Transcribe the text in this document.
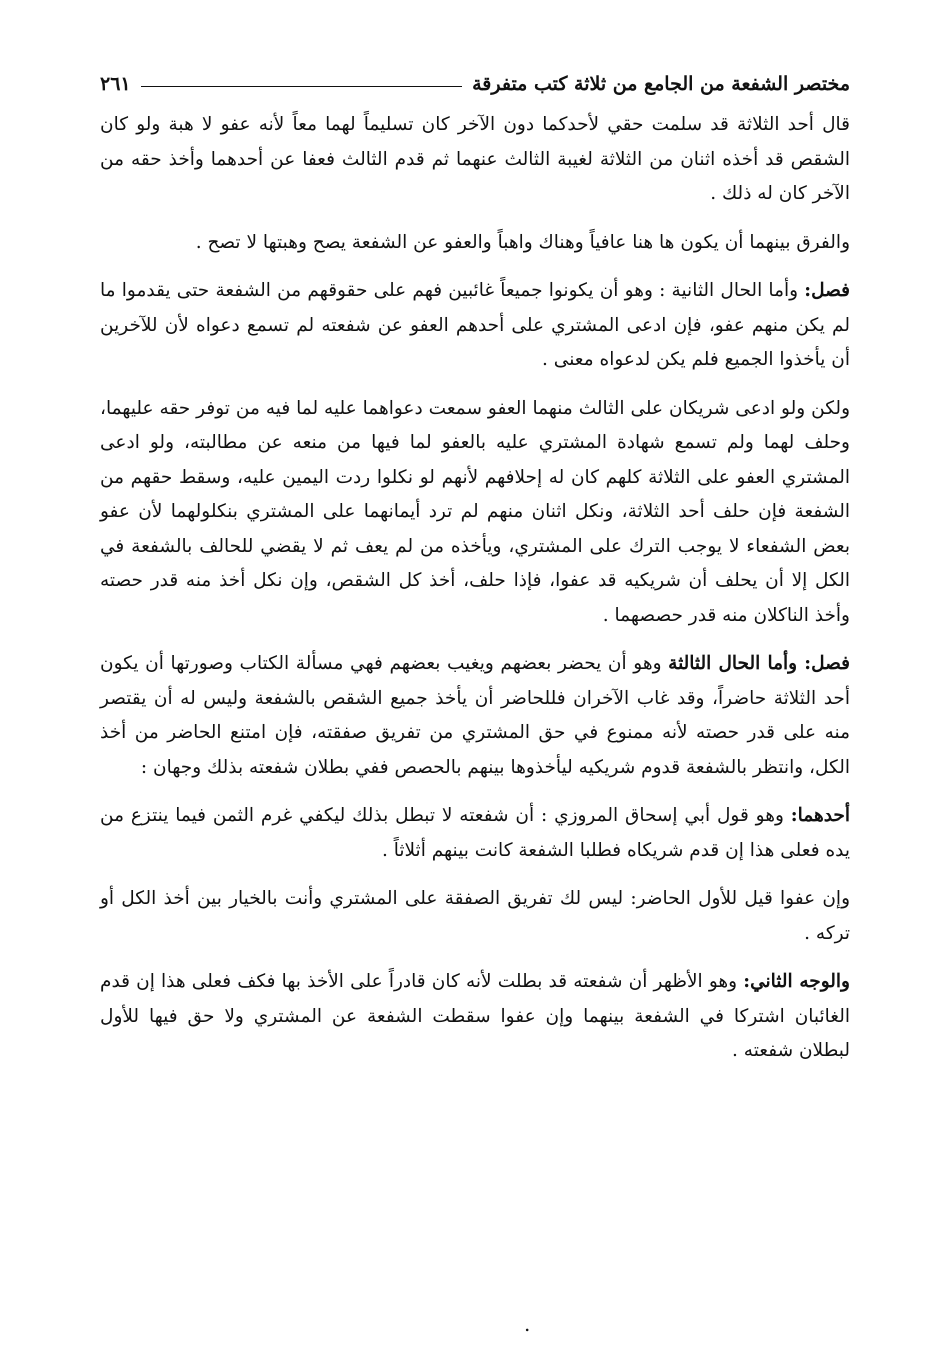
مختصر الشفعة من الجامع من ثلاثة كتب متفرقة
٢٦١

قال أحد الثلاثة قد سلمت حقي لأحدكما دون الآخر كان تسليماً لهما معاً لأنه عفو لا هبة ولو كان الشقص قد أخذه اثنان من الثلاثة لغيبة الثالث عنهما ثم قدم الثالث فعفا عن أحدهما وأخذ حقه من الآخر كان له ذلك .

والفرق بينهما أن يكون ها هنا عافياً وهناك واهباً والعفو عن الشفعة يصح وهبتها لا تصح .

فصل: وأما الحال الثانية : وهو أن يكونوا جميعاً غائبين فهم على حقوقهم من الشفعة حتى يقدموا ما لم يكن منهم عفو، فإن ادعى المشتري على أحدهم العفو عن شفعته لم تسمع دعواه لأن للآخرين أن يأخذوا الجميع فلم يكن لدعواه معنى .

ولكن ولو ادعى شريكان على الثالث منهما العفو سمعت دعواهما عليه لما فيه من توفر حقه عليهما، وحلف لهما ولم تسمع شهادة المشتري عليه بالعفو لما فيها من منعه عن مطالبته، ولو ادعى المشتري العفو على الثلاثة كلهم كان له إحلافهم لأنهم لو نكلوا ردت اليمين عليه، وسقط حقهم من الشفعة فإن حلف أحد الثلاثة، ونكل اثنان منهم لم ترد أيمانهما على المشتري بنكلولهما لأن عفو بعض الشفعاء لا يوجب الترك على المشتري، ويأخذه من لم يعف ثم لا يقضي للحالف بالشفعة في الكل إلا أن يحلف أن شريكيه قد عفوا، فإذا حلف، أخذ كل الشقص، وإن نكل أخذ منه قدر حصته وأخذ الناكلان منه قدر حصصهما .

فصل: وأما الحال الثالثة وهو أن يحضر بعضهم ويغيب بعضهم فهي مسألة الكتاب وصورتها أن يكون أحد الثلاثة حاضراً، وقد غاب الآخران فللحاضر أن يأخذ جميع الشقص بالشفعة وليس له أن يقتصر منه على قدر حصته لأنه ممنوع في حق المشتري من تفريق صفقته، فإن امتنع الحاضر من أخذ الكل، وانتظر بالشفعة قدوم شريكيه ليأخذوها بينهم بالحصص ففي بطلان شفعته بذلك وجهان :

أحدهما: وهو قول أبي إسحاق المروزي : أن شفعته لا تبطل بذلك ليكفي غرم الثمن فيما ينتزع من يده فعلى هذا إن قدم شريكاه فطلبا الشفعة كانت بينهم أثلاثاً .

وإن عفوا قيل للأول الحاضر: ليس لك تفريق الصفقة على المشتري وأنت بالخيار بين أخذ الكل أو تركه .

والوجه الثاني: وهو الأظهر أن شفعته قد بطلت لأنه كان قادراً على الأخذ بها فكف فعلى هذا إن قدم الغائبان اشتركا في الشفعة بينهما وإن عفوا سقطت الشفعة عن المشتري ولا حق فيها للأول لبطلان شفعته .

.
